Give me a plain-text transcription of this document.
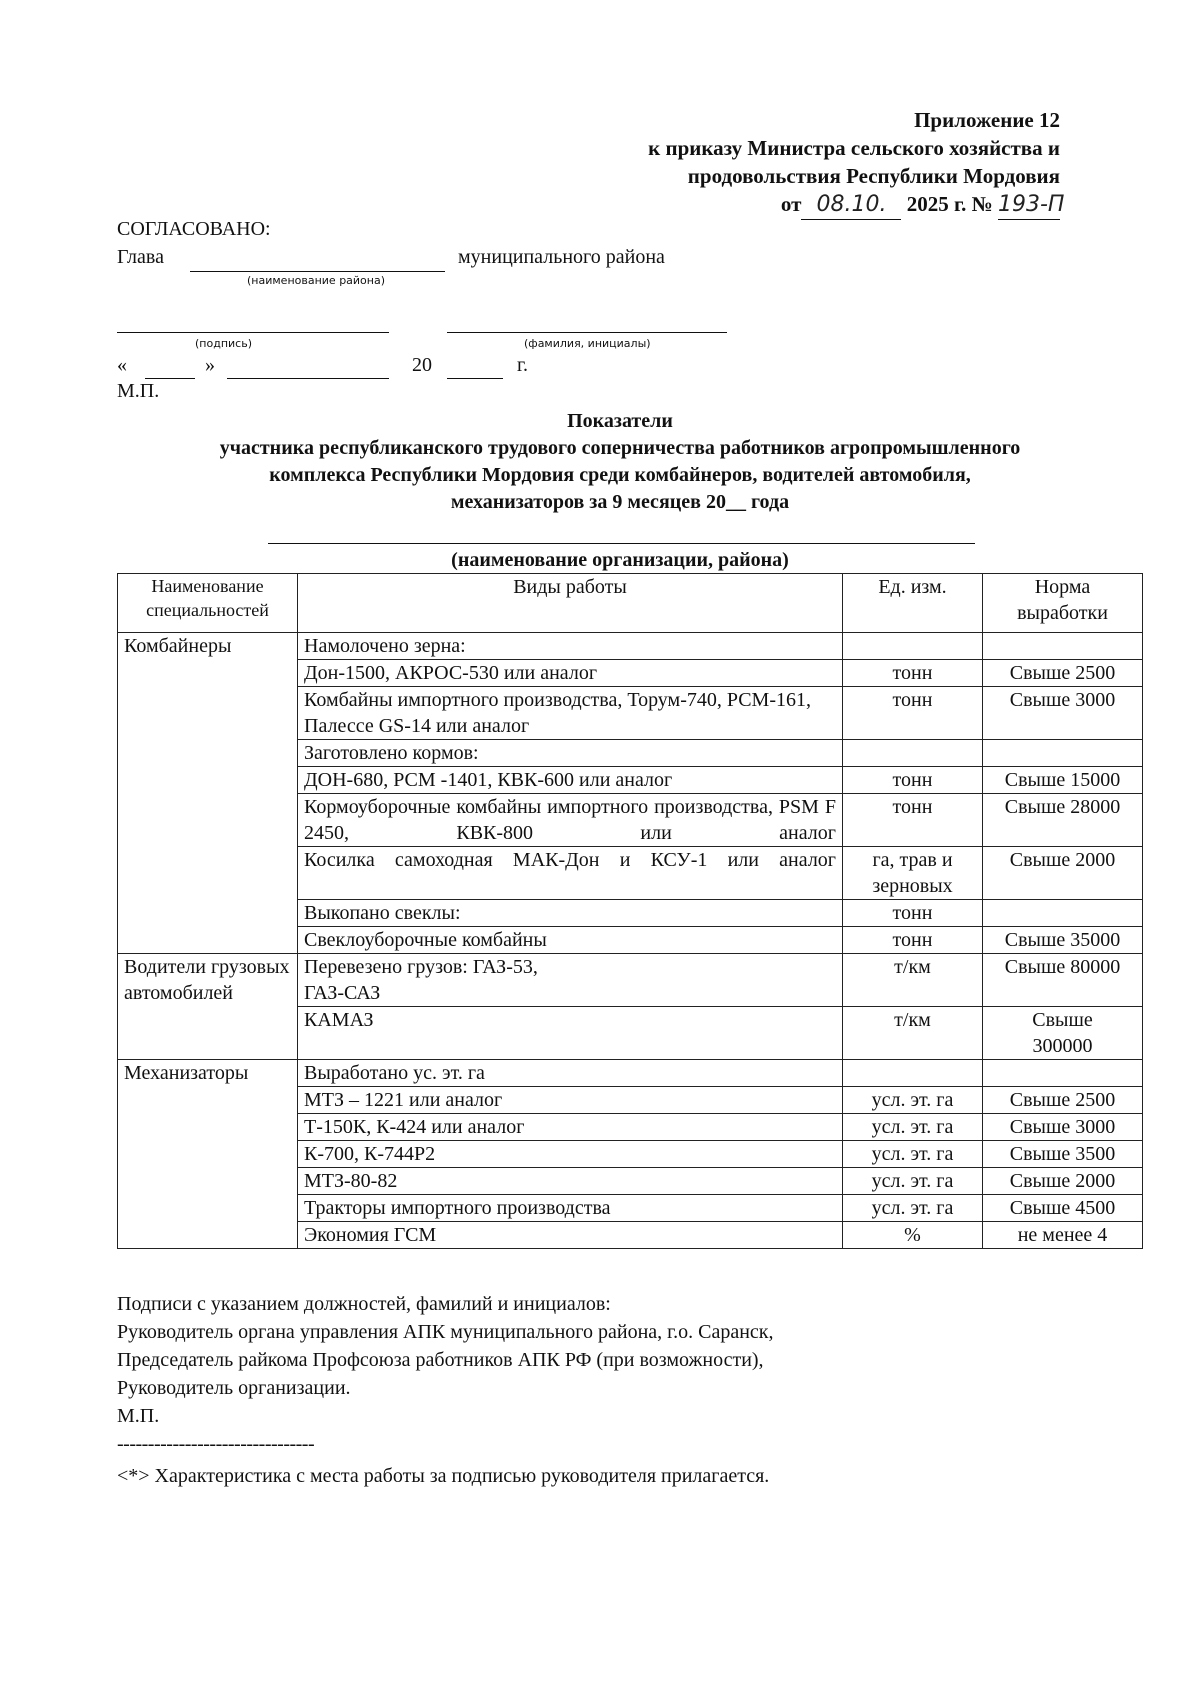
Приложение 12
к приказу Министра сельского хозяйства и
продовольствия Республики Мордовия
от 08.10. 2025 г. № 193-П
СОГЛАСОВАНО:
Глава	муниципального района
(наименование района)
(подпись)	(фамилия, инициалы)
«	»	20	г.
М.П.
Показатели
участника республиканского трудового соперничества работников агропромышленного
комплекса Республики Мордовия среди комбайнеров, водителей автомобиля,
механизаторов за 9 месяцев 20__ года
(наименование организации, района)
Наименование специальностей	Виды работы	Ед. изм.	Норма выработки
Комбайнеры	Намолочено зерна:		
	Дон-1500, АКРОС-530 или аналог	тонн	Свыше 2500
	Комбайны импортного производства, Торум-740, РСМ-161, Палессе GS-14 или аналог	тонн	Свыше 3000
	Заготовлено кормов:		
	ДОН-680, РСМ -1401, КВК-600 или аналог	тонн	Свыше 15000
	Кормоуборочные комбайны импортного производства, PSM F 2450, КВК-800 или аналог	тонн	Свыше 28000
	Косилка самоходная МАК-Дон и КСУ-1 или аналог	га, трав и зерновых	Свыше 2000
	Выкопано свеклы:	тонн	
	Свеклоуборочные комбайны	тонн	Свыше 35000
Водители грузовых автомобилей	Перевезено грузов: ГАЗ-53, ГАЗ-САЗ	т/км	Свыше 80000
	КАМАЗ	т/км	Свыше 300000
Механизаторы	Выработано ус. эт. га		
	МТЗ – 1221 или аналог	усл. эт. га	Свыше 2500
	Т-150К, К-424 или аналог	усл. эт. га	Свыше 3000
	К-700, К-744Р2	усл. эт. га	Свыше 3500
	МТЗ-80-82	усл. эт. га	Свыше 2000
	Тракторы импортного производства	усл. эт. га	Свыше 4500
	Экономия ГСМ	%	не менее 4
Подписи с указанием должностей, фамилий и инициалов:
Руководитель органа управления АПК муниципального района, г.о. Саранск,
Председатель райкома Профсоюза работников АПК РФ (при возможности),
Руководитель организации.
М.П.
--------------------------------
<*> Характеристика с места работы за подписью руководителя прилагается.
